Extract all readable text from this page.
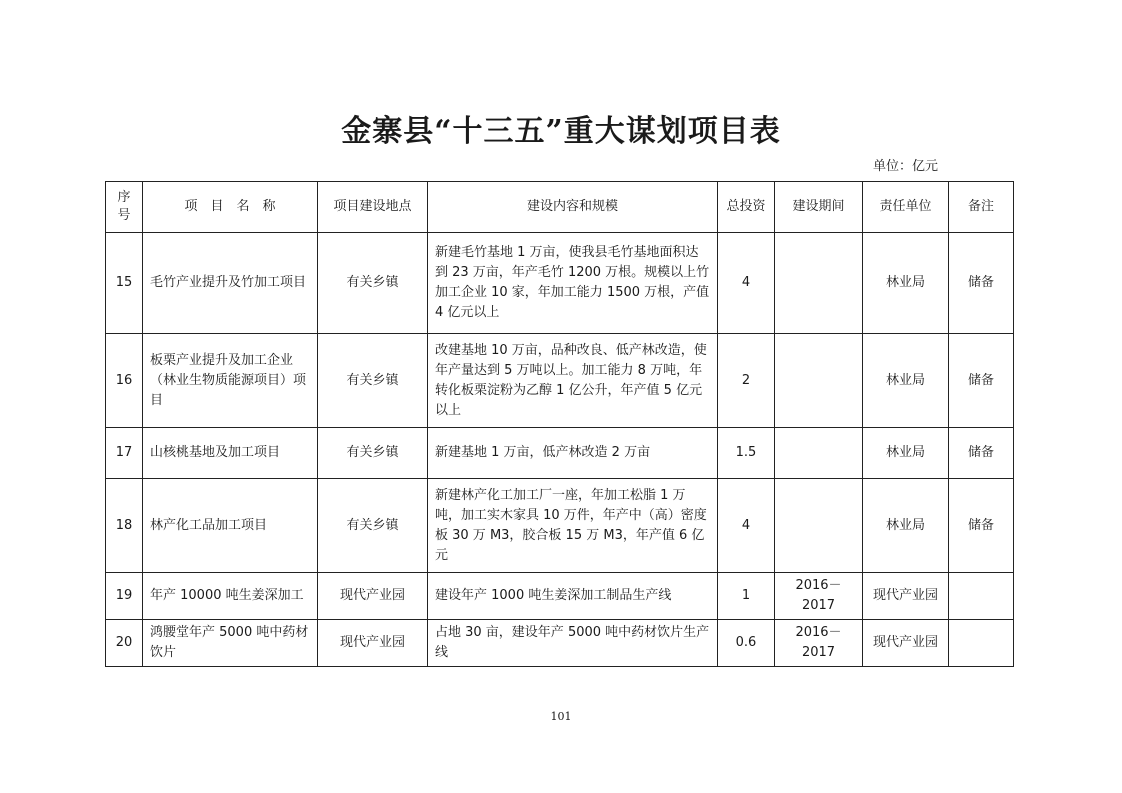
金寨县“十三五”重大谋划项目表
单位：亿元
序号	项　目　名　称	项目建设地点	建设内容和规模	总投资	建设期间	责任单位	备注
15	毛竹产业提升及竹加工项目	有关乡镇	新建毛竹基地 1 万亩，使我县毛竹基地面积达到 23 万亩，年产毛竹 1200 万根。规模以上竹加工企业 10 家，年加工能力 1500 万根，产值 4 亿元以上	4		林业局	储备
16	板栗产业提升及加工企业（林业生物质能源项目）项目	有关乡镇	改建基地 10 万亩，品种改良、低产林改造，使年产量达到 5 万吨以上。加工能力 8 万吨，年转化板栗淀粉为乙醇 1 亿公升，年产值 5 亿元以上	2		林业局	储备
17	山核桃基地及加工项目	有关乡镇	新建基地 1 万亩，低产林改造 2 万亩	1.5		林业局	储备
18	林产化工品加工项目	有关乡镇	新建林产化工加工厂一座，年加工松脂 1 万吨，加工实木家具 10 万件，年产中（高）密度板 30 万 M3，胶合板 15 万 M3，年产值 6 亿元	4		林业局	储备
19	年产 10000 吨生姜深加工	现代产业园	建设年产 1000 吨生姜深加工制品生产线	1	2016－2017	现代产业园	
20	鸿腰堂年产 5000 吨中药材饮片	现代产业园	占地 30 亩，建设年产 5000 吨中药材饮片生产线	0.6	2016－2017	现代产业园	
101
